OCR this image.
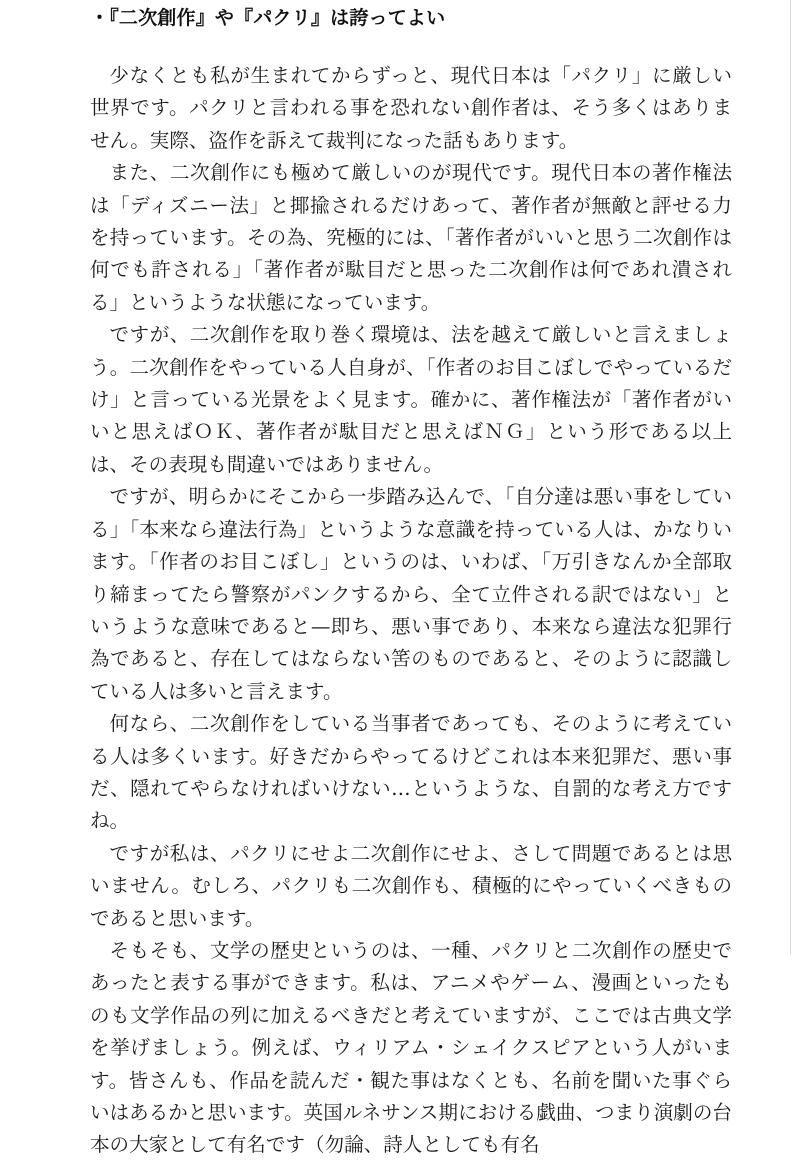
・『二次創作』や『パクリ』は誇ってよい

少なくとも私が生まれてからずっと、現代日本は「パクリ」に厳しい世界です。パクリと言われる事を恐れない創作者は、そう多くはありません。実際、盗作を訴えて裁判になった話もあります。

また、二次創作にも極めて厳しいのが現代です。現代日本の著作権法は「ディズニー法」と揶揄されるだけあって、著作者が無敵と評せる力を持っています。その為、究極的には、「著作者がいいと思う二次創作は何でも許される」「著作者が駄目だと思った二次創作は何であれ潰される」というような状態になっています。

ですが、二次創作を取り巻く環境は、法を越えて厳しいと言えましょう。二次創作をやっている人自身が、「作者のお目こぼしでやっているだけ」と言っている光景をよく見ます。確かに、著作権法が「著作者がいいと思えばＯＫ、著作者が駄目だと思えばＮＧ」という形である以上は、その表現も間違いではありません。

ですが、明らかにそこから一歩踏み込んで、「自分達は悪い事をしている」「本来なら違法行為」というような意識を持っている人は、かなりいます。「作者のお目こぼし」というのは、いわば、「万引きなんか全部取り締まってたら警察がパンクするから、全て立件される訳ではない」というような意味であると—即ち、悪い事であり、本来なら違法な犯罪行為であると、存在してはならない筈のものであると、そのように認識している人は多いと言えます。

何なら、二次創作をしている当事者であっても、そのように考えている人は多くいます。好きだからやってるけどこれは本来犯罪だ、悪い事だ、隠れてやらなければいけない…というような、自罰的な考え方ですね。

ですが私は、パクリにせよ二次創作にせよ、さして問題であるとは思いません。むしろ、パクリも二次創作も、積極的にやっていくべきものであると思います。

そもそも、文学の歴史というのは、一種、パクリと二次創作の歴史であったと表する事ができます。私は、アニメやゲーム、漫画といったものも文学作品の列に加えるべきだと考えていますが、ここでは古典文学を挙げましょう。例えば、ウィリアム・シェイクスピアという人がいます。皆さんも、作品を読んだ・観た事はなくとも、名前を聞いた事ぐらいはあるかと思います。英国ルネサンス期における戯曲、つまり演劇の台本の大家として有名です（勿論、詩人としても有名
